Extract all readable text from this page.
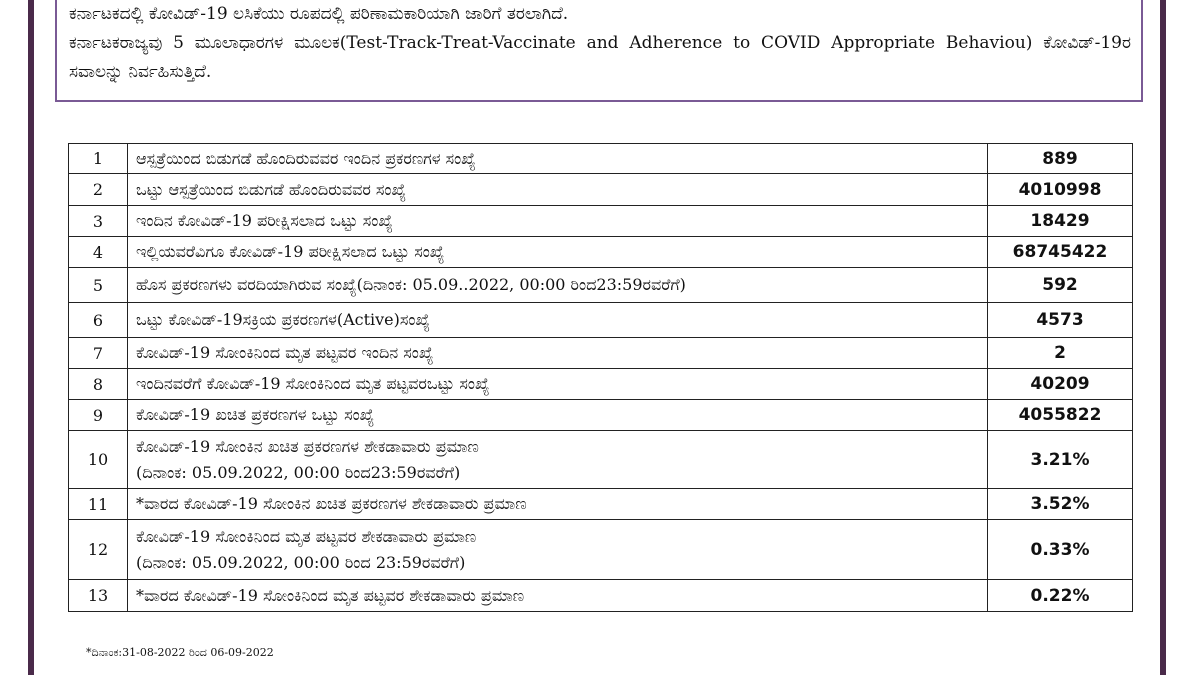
ಕರ್ನಾಟಕದಲ್ಲಿ ಕೋವಿಡ್-19 ಲಸಿಕೆಯು ರೂಪದಲ್ಲಿ ಪರಿಣಾಮಕಾರಿಯಾಗಿ ಜಾರಿಗೆ ತರಲಾಗಿದೆ.

ಕರ್ನಾಟಕರಾಜ್ಯವು 5 ಮೂಲಾಧಾರಗಳ ಮೂಲಕ(Test-Track-Treat-Vaccinate and Adherence to COVID Appropriate Behaviou) ಕೋವಿಡ್-19ರ ಸವಾಲನ್ನು ನಿರ್ವಹಿಸುತ್ತಿದೆ.

1	ಆಸ್ಪತ್ರೆಯಿಂದ ಬಿಡುಗಡೆ ಹೊಂದಿರುವವರ ಇಂದಿನ ಪ್ರಕರಣಗಳ ಸಂಖ್ಯೆ	889
2	ಒಟ್ಟು ಆಸ್ಪತ್ರೆಯಿಂದ ಬಿಡುಗಡೆ ಹೊಂದಿರುವವರ ಸಂಖ್ಯೆ	4010998
3	ಇಂದಿನ ಕೋವಿಡ್-19 ಪರೀಕ್ಷಿಸಲಾದ ಒಟ್ಟು ಸಂಖ್ಯೆ	18429
4	ಇಲ್ಲಿಯವರೆವಿಗೂ ಕೋವಿಡ್-19 ಪರೀಕ್ಷಿಸಲಾದ ಒಟ್ಟು ಸಂಖ್ಯೆ	68745422
5	ಹೊಸ ಪ್ರಕರಣಗಳು ವರದಿಯಾಗಿರುವ ಸಂಖ್ಯೆ(ದಿನಾಂಕ: 05.09..2022, 00:00 ರಿಂದ23:59ರವರೆಗೆ)	592
6	ಒಟ್ಟು ಕೋವಿಡ್-19ಸಕ್ರಿಯ ಪ್ರಕರಣಗಳ(Active)ಸಂಖ್ಯೆ	4573
7	ಕೋವಿಡ್-19 ಸೋಂಕಿನಿಂದ ಮೃತ ಪಟ್ಟವರ ಇಂದಿನ ಸಂಖ್ಯೆ	2
8	ಇಂದಿನವರೆಗೆ ಕೋವಿಡ್-19 ಸೋಂಕಿನಿಂದ ಮೃತ ಪಟ್ಟವರಒಟ್ಟು ಸಂಖ್ಯೆ	40209
9	ಕೋವಿಡ್-19 ಖಚಿತ ಪ್ರಕರಣಗಳ ಒಟ್ಟು ಸಂಖ್ಯೆ	4055822
10	ಕೋವಿಡ್-19 ಸೋಂಕಿನ ಖಚಿತ ಪ್ರಕರಣಗಳ ಶೇಕಡಾವಾರು ಪ್ರಮಾಣ
(ದಿನಾಂಕ: 05.09.2022, 00:00 ರಿಂದ23:59ರವರೆಗೆ)	3.21%
11	*ವಾರದ ಕೋವಿಡ್-19 ಸೋಂಕಿನ ಖಚಿತ ಪ್ರಕರಣಗಳ ಶೇಕಡಾವಾರು ಪ್ರಮಾಣ	3.52%
12	ಕೋವಿಡ್-19 ಸೋಂಕಿನಿಂದ ಮೃತ ಪಟ್ಟವರ ಶೇಕಡಾವಾರು ಪ್ರಮಾಣ
(ದಿನಾಂಕ: 05.09.2022, 00:00 ರಿಂದ 23:59ರವರೆಗೆ)	0.33%
13	*ವಾರದ ಕೋವಿಡ್-19 ಸೋಂಕಿನಿಂದ ಮೃತ ಪಟ್ಟವರ ಶೇಕಡಾವಾರು ಪ್ರಮಾಣ	0.22%
*ದಿನಾಂಕ:31-08-2022 ರಿಂದ 06-09-2022
